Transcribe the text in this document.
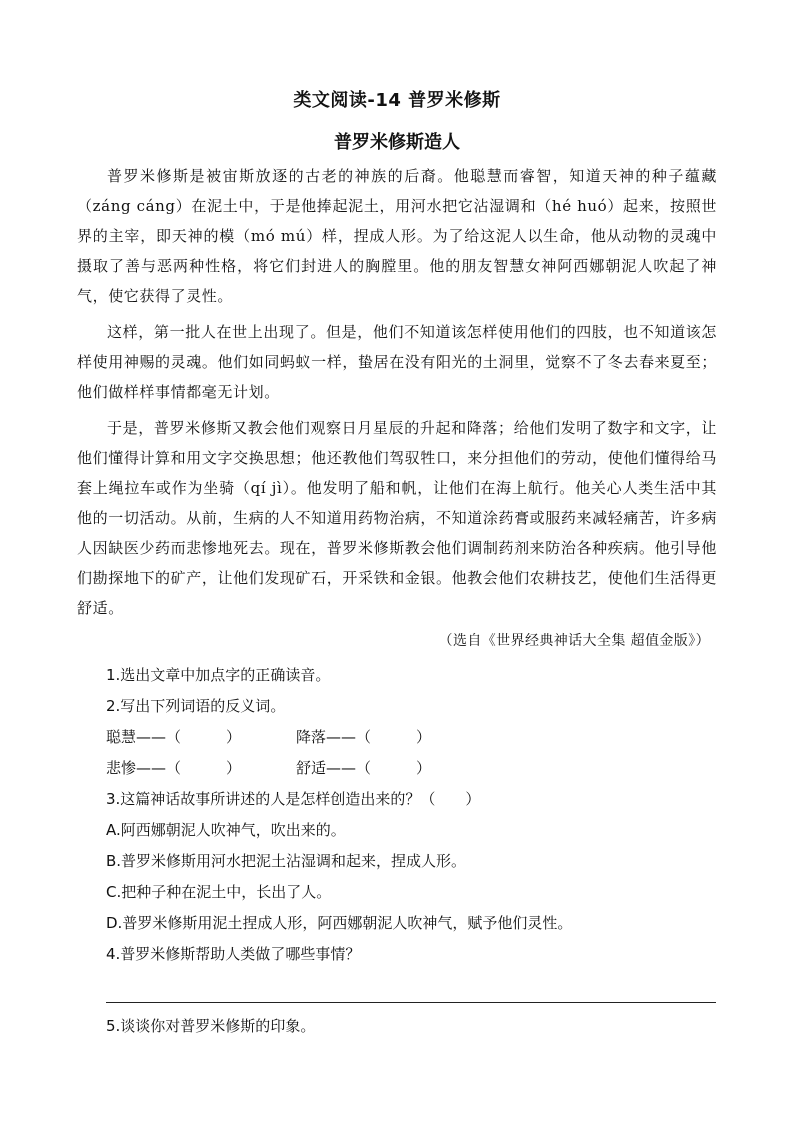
类文阅读-14 普罗米修斯
普罗米修斯造人

普罗米修斯是被宙斯放逐的古老的神族的后裔。他聪慧而睿智，知道天神的种子蕴藏（záng cáng）在泥土中，于是他捧起泥土，用河水把它沾湿调和（hé huó）起来，按照世界的主宰，即天神的模（mó mú）样，捏成人形。为了给这泥人以生命，他从动物的灵魂中摄取了善与恶两种性格，将它们封进人的胸膛里。他的朋友智慧女神阿西娜朝泥人吹起了神气，使它获得了灵性。

这样，第一批人在世上出现了。但是，他们不知道该怎样使用他们的四肢，也不知道该怎样使用神赐的灵魂。他们如同蚂蚁一样，蛰居在没有阳光的土洞里，觉察不了冬去春来夏至；他们做样样事情都毫无计划。

于是，普罗米修斯又教会他们观察日月星辰的升起和降落；给他们发明了数字和文字，让他们懂得计算和用文字交换思想；他还教他们驾驭牲口，来分担他们的劳动，使他们懂得给马套上绳拉车或作为坐骑（qí jì）。他发明了船和帆，让他们在海上航行。他关心人类生活中其他的一切活动。从前，生病的人不知道用药物治病，不知道涂药膏或服药来减轻痛苦，许多病人因缺医少药而悲惨地死去。现在，普罗米修斯教会他们调制药剂来防治各种疾病。他引导他们勘探地下的矿产，让他们发现矿石，开采铁和金银。他教会他们农耕技艺，使他们生活得更舒适。

（选自《世界经典神话大全集 超值金版》）
1.选出文章中加点字的正确读音。
2.写出下列词语的反义词。
聪慧——（　　　）	降落——（　　　）
悲惨——（　　　）	舒适——（　　　）
3.这篇神话故事所讲述的人是怎样创造出来的？（　　）
A.阿西娜朝泥人吹神气，吹出来的。
B.普罗米修斯用河水把泥土沾湿调和起来，捏成人形。
C.把种子种在泥土中，长出了人。
D.普罗米修斯用泥土捏成人形，阿西娜朝泥人吹神气，赋予他们灵性。
4.普罗米修斯帮助人类做了哪些事情？
5.谈谈你对普罗米修斯的印象。
